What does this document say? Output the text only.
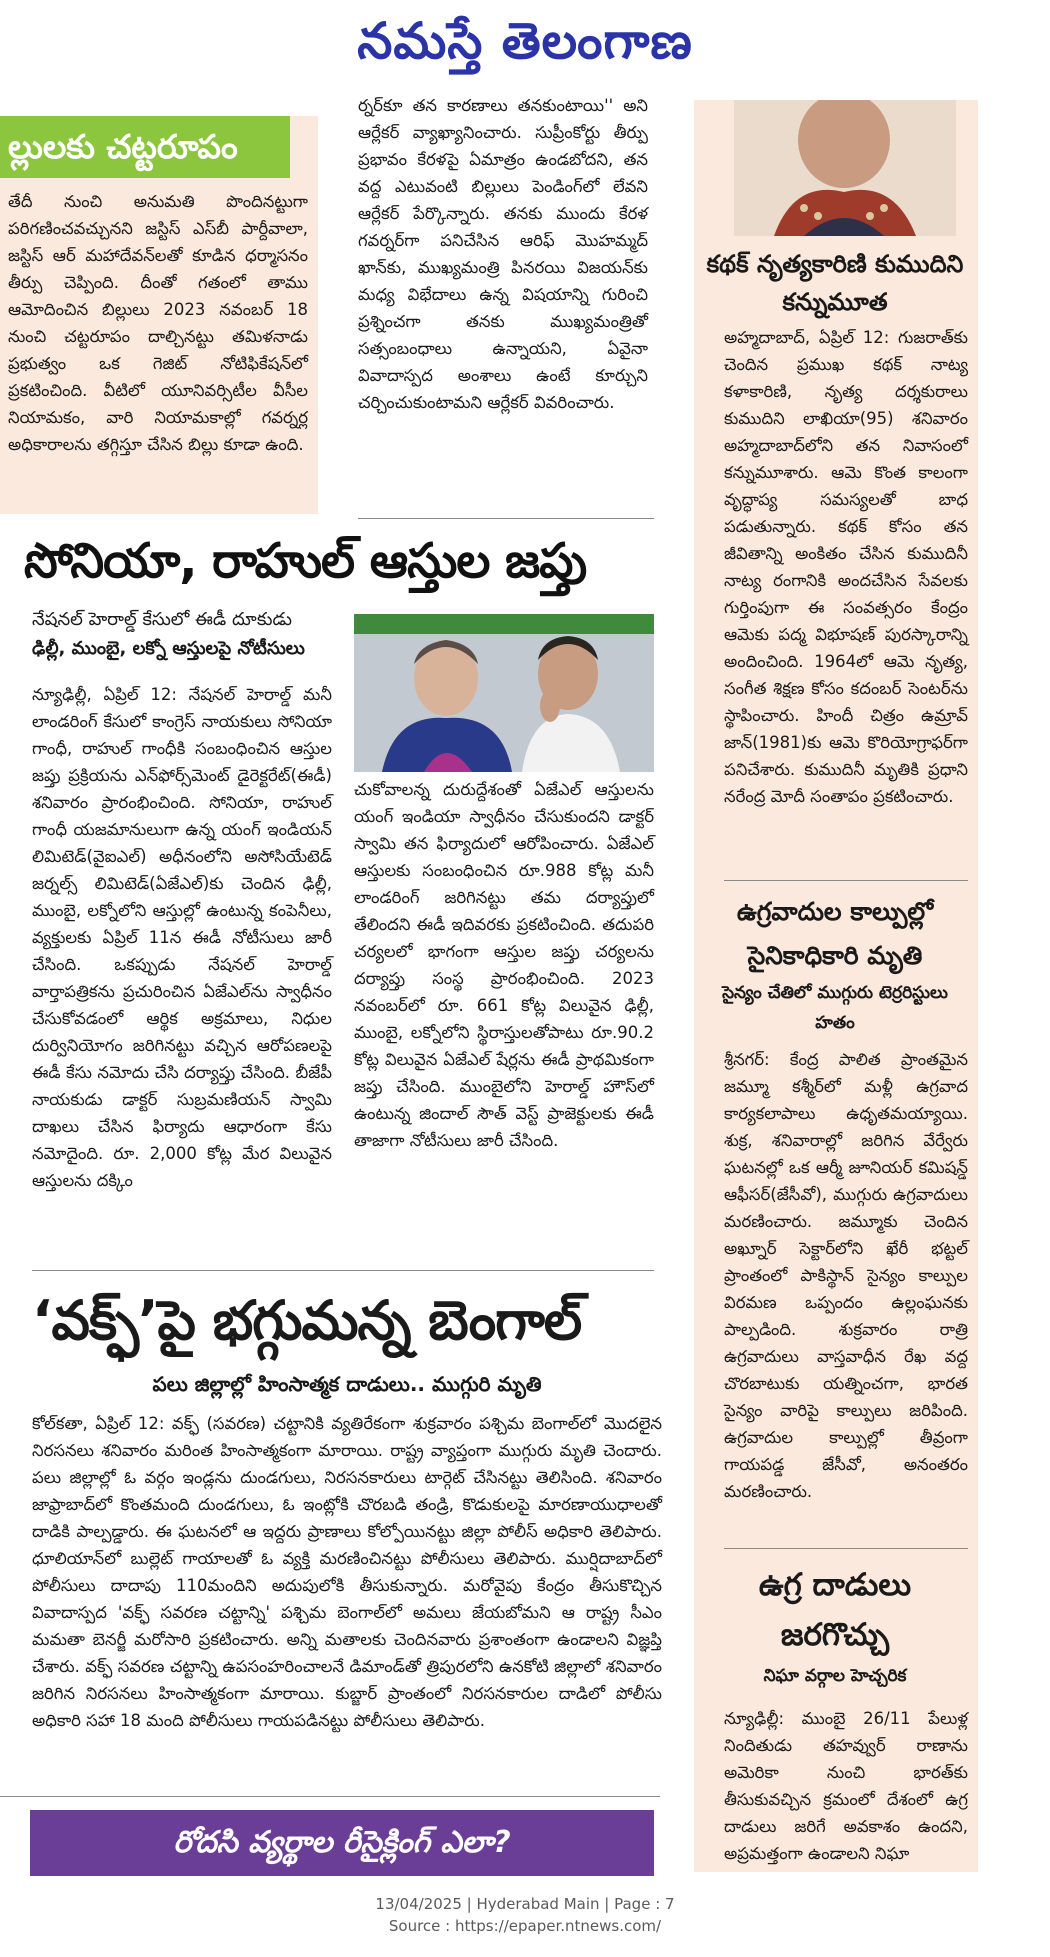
నమస్తే తెలంగాణ
ల్లులకు చట్టరూపం
తేదీ నుంచి అనుమతి పొందినట్టుగా పరిగణించవచ్చునని జస్టిస్ ఎస్‌బీ పార్దీవాలా, జస్టిస్ ఆర్ మహాదేవన్‌లతో కూడిన ధర్మాసనం తీర్పు చెప్పింది. దీంతో గతంలో తాము ఆమోదించిన బిల్లులు 2023 నవంబర్ 18 నుంచి చట్టరూపం దాల్చినట్టు తమిళనాడు ప్రభుత్వం ఒక గెజిట్ నోటిఫికేషన్‌లో ప్రకటించింది. వీటిలో యూనివర్సిటీల వీసీల నియామకం, వారి నియామకాల్లో గవర్నర్ల అధికారాలను తగ్గిస్తూ చేసిన బిల్లు కూడా ఉంది.
ర్నర్‌కూ తన కారణాలు తనకుంటాయి'' అని ఆర్లేకర్ వ్యాఖ్యానించారు. సుప్రీంకోర్టు తీర్పు ప్రభావం కేరళపై ఏమాత్రం ఉండబోదని, తన వద్ద ఎటువంటి బిల్లులు పెండింగ్‌లో లేవని ఆర్లేకర్ పేర్కొన్నారు. తనకు ముందు కేరళ గవర్నర్‌గా పనిచేసిన ఆరిఫ్ మొహమ్మద్ ఖాన్‌కు, ముఖ్యమంత్రి పినరయి విజయన్‌కు మధ్య విభేదాలు ఉన్న విషయాన్ని గురించి ప్రశ్నించగా తనకు ముఖ్యమంత్రితో సత్సంబంధాలు ఉన్నాయని, ఏవైనా వివాదాస్పద అంశాలు ఉంటే కూర్చుని చర్చించుకుంటామని ఆర్లేకర్ వివరించారు.
కథక్ నృత్యకారిణి కుముదిని కన్నుమూత
అహ్మదాబాద్, ఏప్రిల్ 12: గుజరాత్‌కు చెందిన ప్రముఖ కథక్ నాట్య కళాకారిణి, నృత్య దర్శకురాలు కుముదిని లాఖియా(95) శనివారం అహ్మదాబాద్‌లోని తన నివాసంలో కన్నుమూశారు. ఆమె కొంత కాలంగా వృద్ధాప్య సమస్యలతో బాధ పడుతున్నారు. కథక్ కోసం తన జీవితాన్ని అంకితం చేసిన కుముదినీ నాట్య రంగానికి అందచేసిన సేవలకు గుర్తింపుగా ఈ సంవత్సరం కేంద్రం ఆమెకు పద్మ విభూషణ్ పురస్కారాన్ని అందించింది. 1964లో ఆమె నృత్య, సంగీత శిక్షణ కోసం కదంబర్ సెంటర్‌ను స్థాపించారు. హిందీ చిత్రం ఉమ్రావ్ జాన్(1981)కు ఆమె కొరియోగ్రాఫర్‌గా పనిచేశారు. కుముదినీ మృతికి ప్రధాని నరేంద్ర మోదీ సంతాపం ప్రకటించారు.
ఉగ్రవాదుల కాల్పుల్లో సైనికాధికారి మృతి
సైన్యం చేతిలో ముగ్గురు టెర్రరిస్టులు హతం
శ్రీనగర్: కేంద్ర పాలిత ప్రాంతమైన జమ్మూ కశ్మీర్‌లో మళ్లీ ఉగ్రవాద కార్యకలాపాలు ఉధృతమయ్యాయి. శుక్ర, శనివారాల్లో జరిగిన వేర్వేరు ఘటనల్లో ఒక ఆర్మీ జూనియర్ కమిషన్డ్ ఆఫీసర్(జేసీవో), ముగ్గురు ఉగ్రవాదులు మరణించారు. జమ్మూకు చెందిన అఖ్నూర్ సెక్టార్‌లోని ఖేరీ భట్టల్ ప్రాంతంలో పాకిస్థాన్ సైన్యం కాల్పుల విరమణ ఒప్పందం ఉల్లంఘనకు పాల్పడింది. శుక్రవారం రాత్రి ఉగ్రవాదులు వాస్తవాధీన రేఖ వద్ద చొరబాటుకు యత్నించగా, భారత సైన్యం వారిపై కాల్పులు జరిపింది. ఉగ్రవాదుల కాల్పుల్లో తీవ్రంగా గాయపడ్డ జేసీవో, అనంతరం మరణించారు.
ఉగ్ర దాడులు జరగొచ్చు
నిఘా వర్గాల హెచ్చరిక
న్యూఢిల్లీ: ముంబై 26/11 పేలుళ్ల నిందితుడు తహవ్వుర్ రాణాను అమెరికా నుంచి భారత్‌కు తీసుకువచ్చిన క్రమంలో దేశంలో ఉగ్ర దాడులు జరిగే అవకాశం ఉందని, అప్రమత్తంగా ఉండాలని నిఘా
సోనియా, రాహుల్ ఆస్తుల జప్తు
నేషనల్ హెరాల్డ్ కేసులో ఈడీ దూకుడు
ఢిల్లీ, ముంబై, లక్నో ఆస్తులపై నోటీసులు
న్యూఢిల్లీ, ఏప్రిల్ 12: నేషనల్ హెరాల్డ్ మనీ లాండరింగ్ కేసులో కాంగ్రెస్ నాయకులు సోనియా గాంధీ, రాహుల్ గాంధీకి సంబంధించిన ఆస్తుల జప్తు ప్రక్రియను ఎన్‌ఫోర్స్‌మెంట్ డైరెక్టరేట్(ఈడీ) శనివారం ప్రారంభించింది. సోనియా, రాహుల్ గాంధీ యజమానులుగా ఉన్న యంగ్ ఇండియన్ లిమిటెడ్(వైఐఎల్) అధీనంలోని అసోసియేటెడ్ జర్నల్స్ లిమిటెడ్(ఏజేఎల్)కు చెందిన ఢిల్లీ, ముంబై, లక్నోలోని ఆస్తుల్లో ఉంటున్న కంపెనీలు, వ్యక్తులకు ఏప్రిల్ 11న ఈడీ నోటీసులు జారీ చేసింది. ఒకప్పుడు నేషనల్ హెరాల్డ్ వార్తాపత్రికను ప్రచురించిన ఏజేఎల్‌ను స్వాధీనం చేసుకోవడంలో ఆర్థిక అక్రమాలు, నిధుల దుర్వినియోగం జరిగినట్టు వచ్చిన ఆరోపణలపై ఈడీ కేసు నమోదు చేసి దర్యాప్తు చేసింది. బీజేపీ నాయకుడు డాక్టర్ సుబ్రమణియన్ స్వామి దాఖలు చేసిన ఫిర్యాదు ఆధారంగా కేసు నమోదైంది. రూ. 2,000 కోట్ల మేర విలువైన ఆస్తులను దక్కిం
చుకోవాలన్న దురుద్దేశంతో ఏజేఎల్ ఆస్తులను యంగ్ ఇండియా స్వాధీనం చేసుకుందని డాక్టర్ స్వామి తన ఫిర్యాదులో ఆరోపించారు. ఏజేఎల్ ఆస్తులకు సంబంధించిన రూ.988 కోట్ల మనీ లాండరింగ్ జరిగినట్టు తమ దర్యాప్తులో తేలిందని ఈడీ ఇదివరకు ప్రకటించింది. తదుపరి చర్యలలో భాగంగా ఆస్తుల జప్తు చర్యలను దర్యాప్తు సంస్థ ప్రారంభించింది. 2023 నవంబర్‌లో రూ. 661 కోట్ల విలువైన ఢిల్లీ, ముంబై, లక్నోలోని స్థిరాస్తులతోపాటు రూ.90.2 కోట్ల విలువైన ఏజేఎల్ షేర్లను ఈడీ ప్రాథమికంగా జప్తు చేసింది. ముంబైలోని హెరాల్డ్ హౌస్‌లో ఉంటున్న జిందాల్ సౌత్ వెస్ట్ ప్రాజెక్టులకు ఈడీ తాజాగా నోటీసులు జారీ చేసింది.
‘వక్ఫ్’పై భగ్గుమన్న బెంగాల్
పలు జిల్లాల్లో హింసాత్మక దాడులు.. ముగ్గురి మృతి
కోల్‌కతా, ఏప్రిల్ 12: వక్ఫ్ (సవరణ) చట్టానికి వ్యతిరేకంగా శుక్రవారం పశ్చిమ బెంగాల్‌లో మొదలైన నిరసనలు శనివారం మరింత హింసాత్మకంగా మారాయి. రాష్ట్ర వ్యాప్తంగా ముగ్గురు మృతి చెందారు. పలు జిల్లాల్లో ఓ వర్గం ఇండ్లను దుండగులు, నిరసనకారులు టార్గెట్ చేసినట్టు తెలిసింది. శనివారం జాఫ్రాబాద్‌లో కొంతమంది దుండగులు, ఓ ఇంట్లోకి చొరబడి తండ్రి, కొడుకులపై మారణాయుధాలతో దాడికి పాల్పడ్డారు. ఈ ఘటనలో ఆ ఇద్దరు ప్రాణాలు కోల్పోయినట్టు జిల్లా పోలీస్ అధికారి తెలిపారు. ధూలియాన్‌లో బుల్లెట్ గాయాలతో ఓ వ్యక్తి మరణించినట్టు పోలీసులు తెలిపారు. ముర్షిదాబాద్‌లో పోలీసులు దాదాపు 110మందిని అదుపులోకి తీసుకున్నారు. మరోవైపు కేంద్రం తీసుకొచ్చిన వివాదాస్పద 'వక్ఫ్ సవరణ చట్టాన్ని' పశ్చిమ బెంగాల్‌లో అమలు జేయబోమని ఆ రాష్ట్ర సీఎం మమతా బెనర్జీ మరోసారి ప్రకటించారు. అన్ని మతాలకు చెందినవారు ప్రశాంతంగా ఉండాలని విజ్ఞప్తి చేశారు. వక్ఫ్ సవరణ చట్టాన్ని ఉపసంహరించాలనే డిమాండ్‌తో త్రిపురలోని ఉనకోటి జిల్లాలో శనివారం జరిగిన నిరసనలు హింసాత్మకంగా మారాయి. కుబ్జార్ ప్రాంతంలో నిరసనకారుల దాడిలో పోలీసు అధికారి సహా 18 మంది పోలీసులు గాయపడినట్టు పోలీసులు తెలిపారు.
రోదసి వ్యర్థాల రీసైక్లింగ్ ఎలా?
13/04/2025 | Hyderabad Main | Page : 7
Source : https://epaper.ntnews.com/
